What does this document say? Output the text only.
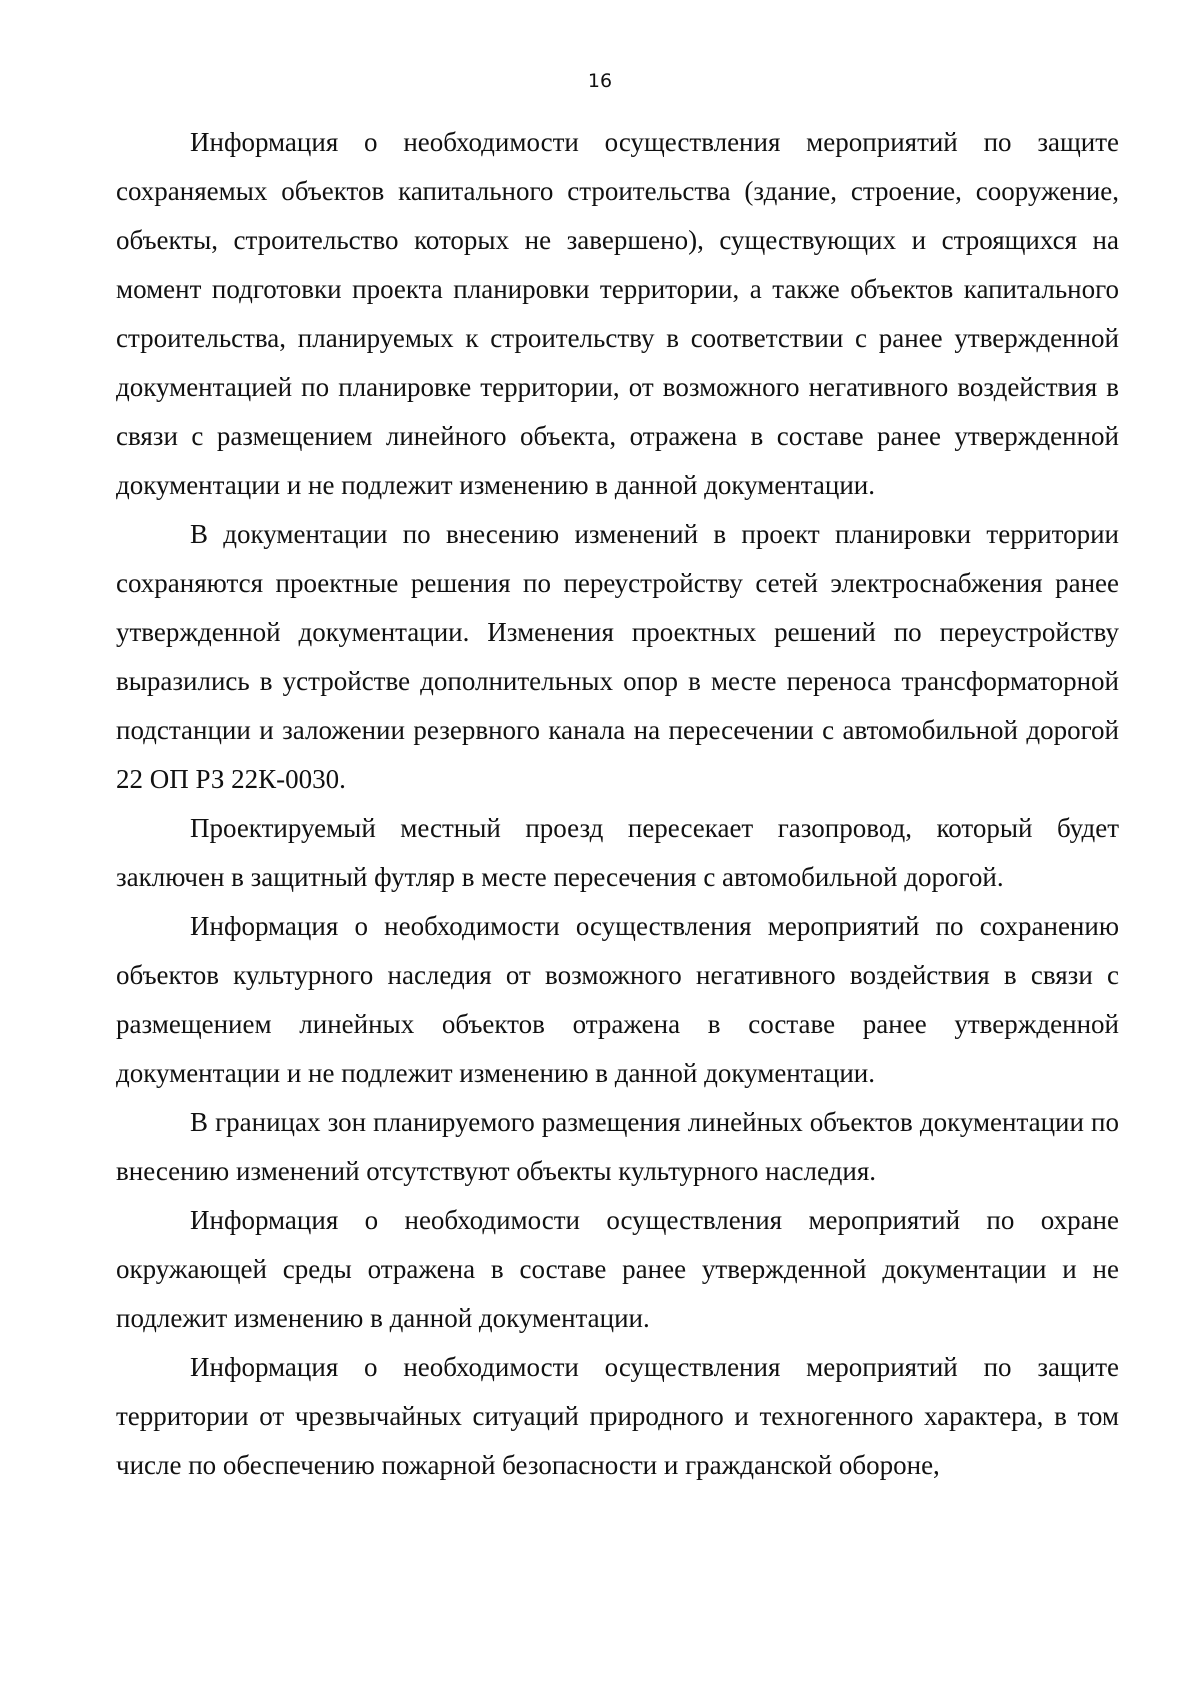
16

Информация о необходимости осуществления мероприятий по защите сохраняемых объектов капитального строительства (здание, строение, сооружение, объекты, строительство которых не завершено), существующих и строящихся на момент подготовки проекта планировки территории, а также объектов капитального строительства, планируемых к строительству в соответствии с ранее утвержденной документацией по планировке территории, от возможного негативного воздействия в связи с размещением линейного объекта, отражена в составе ранее утвержденной документации и не подлежит изменению в данной документации.

В документации по внесению изменений в проект планировки территории сохраняются проектные решения по переустройству сетей электроснабжения ранее утвержденной документации. Изменения проектных решений по переустройству выразились в устройстве дополнительных опор в месте переноса трансформаторной подстанции и заложении резервного канала на пересечении с автомобильной дорогой 22 ОП РЗ 22К-0030.

Проектируемый местный проезд пересекает газопровод, который будет заключен в защитный футляр в месте пересечения с автомобильной дорогой.

Информация о необходимости осуществления мероприятий по сохранению объектов культурного наследия от возможного негативного воздействия в связи с размещением линейных объектов отражена в составе ранее утвержденной документации и не подлежит изменению в данной документации.

В границах зон планируемого размещения линейных объектов документации по внесению изменений отсутствуют объекты культурного наследия.

Информация о необходимости осуществления мероприятий по охране окружающей среды отражена в составе ранее утвержденной документации и не подлежит изменению в данной документации.

Информация о необходимости осуществления мероприятий по защите территории от чрезвычайных ситуаций природного и техногенного характера, в том числе по обеспечению пожарной безопасности и гражданской обороне,
